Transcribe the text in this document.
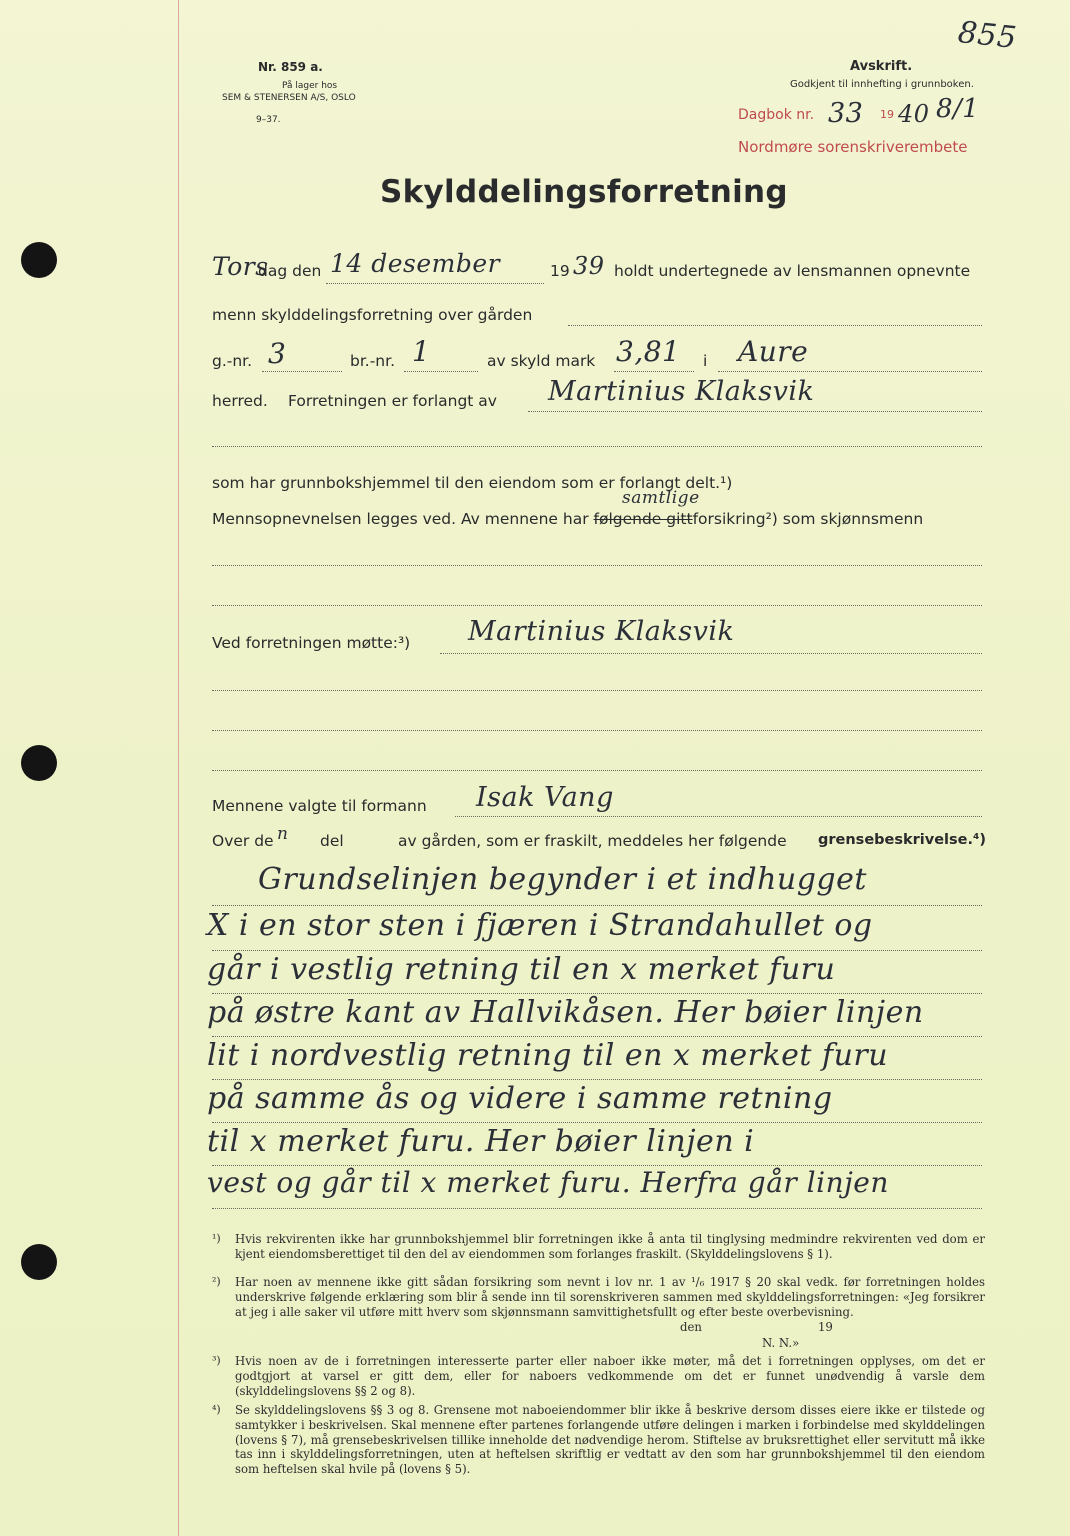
855
Nr. 859 a.
På lager hos
SEM & STENERSEN A/S, OSLO
9–37.
Avskrift.
Godkjent til innhefting i grunnboken.
Dagbok nr. 33 19 40 8/1
Nordmøre sorenskriverembete
Skylddelingsforretning
Tors
dag den 14 desember	19 39 holdt undertegnede av lensmannen opnevnte
menn skylddelingsforretning over gården
g.-nr. 3	br.-nr. 1	av skyld mark 3,81 i Aure
herred. Forretningen er forlangt av Martinius Klaksvik
som har grunnbokshjemmel til den eiendom som er forlangt delt.¹)
samtlige
Mennsopnevnelsen legges ved. Av mennene har følgende gittforsikring²) som skjønnsmenn
Ved forretningen møtte:³) Martinius Klaksvik
Mennene valgte til formann Isak Vang
Over de n del	av gården, som er fraskilt, meddeles her følgende grensebeskrivelse.⁴)
Grundselinjen begynder i et indhugget
X i en stor sten i fjæren i Strandahullet og
går i vestlig retning til en x merket furu
på østre kant av Hallvikåsen. Her bøier linjen
lit i nordvestlig retning til en x merket furu
på samme ås og videre i samme retning
til x merket furu. Her bøier linjen i
vest og går til x merket furu. Herfra går linjen
¹) Hvis rekvirenten ikke har grunnbokshjemmel blir forretningen ikke å anta til tinglysing medmindre rekvirenten ved dom er kjent eiendomsberettiget til den del av eiendommen som forlanges fraskilt. (Skylddelingslovens § 1).
²) Har noen av mennene ikke gitt sådan forsikring som nevnt i lov nr. 1 av ¹/₆ 1917 § 20 skal vedk. før forretningen holdes underskrive følgende erklæring som blir å sende inn til sorenskriveren sammen med skylddelingsforretningen: «Jeg forsikrer at jeg i alle saker vil utføre mitt hverv som skjønnsmann samvittighetsfullt og efter beste overbevisning.
den	19
N. N.»
³) Hvis noen av de i forretningen interesserte parter eller naboer ikke møter, må det i forretningen opplyses, om det er godtgjort at varsel er gitt dem, eller for naboers vedkommende om det er funnet unødvendig å varsle dem (skylddelingslovens §§ 2 og 8).
⁴) Se skylddelingslovens §§ 3 og 8. Grensene mot naboeiendommer blir ikke å beskrive dersom disses eiere ikke er tilstede og samtykker i beskrivelsen. Skal mennene efter partenes forlangende utføre delingen i marken i forbindelse med skylddelingen (lovens § 7), må grensebeskrivelsen tillike inneholde det nødvendige herom. Stiftelse av bruksrettighet eller servitutt må ikke tas inn i skylddelingsforretningen, uten at heftelsen skriftlig er vedtatt av den som har grunnbokshjemmel til den eiendom som heftelsen skal hvile på (lovens § 5).
